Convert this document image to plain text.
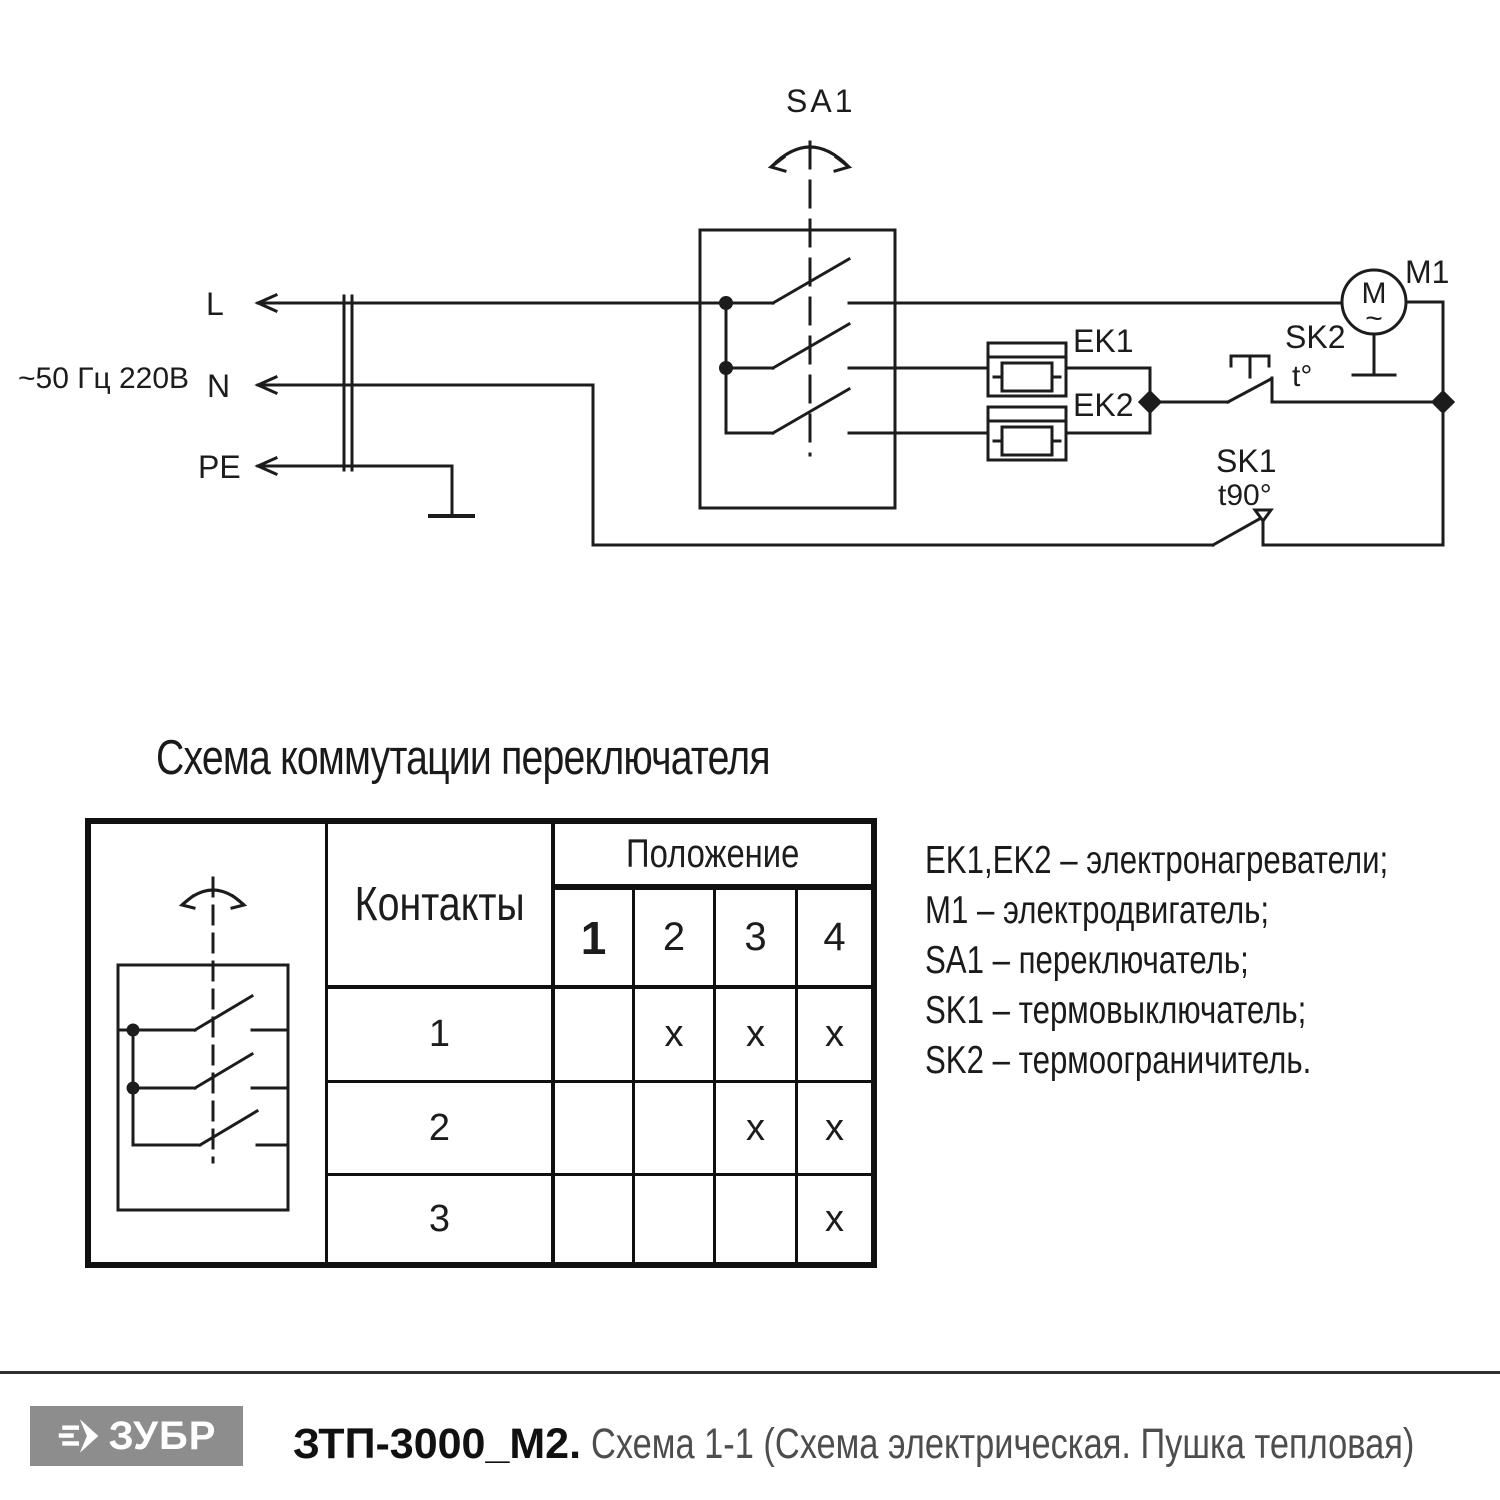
~50 Гц 220В
L
N
PE
SA1
EK1
EK2
SK2
t°
SK1
t90°
M1
M
~
Схема коммутации переключателя
Контакты
Положение
1 2 3 4
1
2
3
x x x
x x
x
EK1,EK2 – электронагреватели;
M1 – электродвигатель;
SA1 – переключатель;
SK1 – термовыключатель;
SK2 – термоограничитель.
ЗУБР ЗТП-3000_М2. Схема 1-1 (Схема электрическая. Пушка тепловая)
